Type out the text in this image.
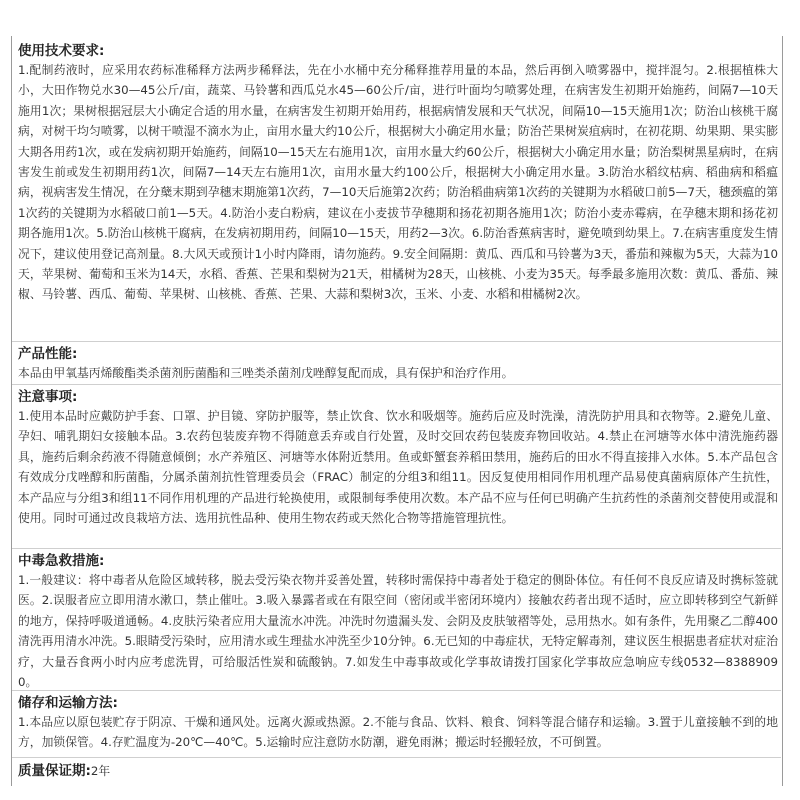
使用技术要求:

1.配制药液时，应采用农药标准稀释方法两步稀释法，先在小水桶中充分稀释推荐用量的本品，然后再倒入喷雾器中，搅拌混匀。2.根据植株大小，大田作物兑水30—45公斤/亩，蔬菜、马铃薯和西瓜兑水45—60公斤/亩，进行叶面均匀喷雾处理，在病害发生初期开始施药，间隔7—10天施用1次；果树根据冠层大小确定合适的用水量，在病害发生初期开始用药，根据病情发展和天气状况，间隔10—15天施用1次；防治山核桃干腐病，对树干均匀喷雾，以树干喷湿不滴水为止，亩用水量大约10公斤，根据树大小确定用水量；防治芒果树炭疽病时，在初花期、幼果期、果实膨大期各用药1次，或在发病初期开始施药，间隔10—15天左右施用1次，亩用水量大约60公斤，根据树大小确定用水量；防治梨树黑星病时，在病害发生前或发生初期用药1次，间隔7—14天左右施用1次，亩用水量大约100公斤，根据树大小确定用水量。3.防治水稻纹枯病、稻曲病和稻瘟病，视病害发生情况，在分蘖末期到孕穗末期施第1次药，7—10天后施第2次药；防治稻曲病第1次药的关键期为水稻破口前5—7天，穗颈瘟的第1次药的关键期为水稻破口前1—5天。4.防治小麦白粉病，建议在小麦拔节孕穗期和扬花初期各施用1次；防治小麦赤霉病，在孕穗末期和扬花初期各施用1次。5.防治山核桃干腐病，在发病初期用药，间隔10—15天，用药2—3次。6.防治香蕉病害时，避免喷到幼果上。7.在病害重度发生情况下，建议使用登记高剂量。8.大风天或预计1小时内降雨，请勿施药。9.安全间隔期：黄瓜、西瓜和马铃薯为3天，番茄和辣椒为5天，大蒜为10天，苹果树、葡萄和玉米为14天，水稻、香蕉、芒果和梨树为21天，柑橘树为28天，山核桃、小麦为35天。每季最多施用次数：黄瓜、番茄、辣椒、马铃薯、西瓜、葡萄、苹果树、山核桃、香蕉、芒果、大蒜和梨树3次，玉米、小麦、水稻和柑橘树2次。

产品性能:

本品由甲氧基丙烯酸酯类杀菌剂肟菌酯和三唑类杀菌剂戊唑醇复配而成，具有保护和治疗作用。

注意事项:

1.使用本品时应戴防护手套、口罩、护目镜、穿防护服等，禁止饮食、饮水和吸烟等。施药后应及时洗澡，清洗防护用具和衣物等。2.避免儿童、孕妇、哺乳期妇女接触本品。3.农药包装废弃物不得随意丢弃或自行处置，及时交回农药包装废弃物回收站。4.禁止在河塘等水体中清洗施药器具，施药后剩余药液不得随意倾倒；水产养殖区、河塘等水体附近禁用。鱼或虾蟹套养稻田禁用，施药后的田水不得直接排入水体。5.本产品包含有效成分戊唑醇和肟菌酯，分属杀菌剂抗性管理委员会（FRAC）制定的分组3和组11。因反复使用相同作用机理产品易使真菌病原体产生抗性，本产品应与分组3和组11不同作用机理的产品进行轮换使用，或限制每季使用次数。本产品不应与任何已明确产生抗药性的杀菌剂交替使用或混和使用。同时可通过改良栽培方法、选用抗性品种、使用生物农药或天然化合物等措施管理抗性。

中毒急救措施:

1.一般建议：将中毒者从危险区域转移，脱去受污染衣物并妥善处置，转移时需保持中毒者处于稳定的侧卧体位。有任何不良反应请及时携标签就医。2.误服者应立即用清水漱口，禁止催吐。3.吸入暴露者或在有限空间（密闭或半密闭环境内）接触农药者出现不适时，应立即转移到空气新鲜的地方，保持呼吸道通畅。4.皮肤污染者应用大量流水冲洗。冲洗时勿遗漏头发、会阴及皮肤皱褶等处，忌用热水。如有条件，先用聚乙二醇400清洗再用清水冲洗。5.眼睛受污染时，应用清水或生理盐水冲洗至少10分钟。6.无已知的中毒症状，无特定解毒剂，建议医生根据患者症状对症治疗，大量吞食两小时内应考虑洗胃，可给服活性炭和硫酸钠。7.如发生中毒事故或化学事故请拨打国家化学事故应急响应专线0532—83889090。

储存和运输方法:

1.本品应以原包装贮存于阴凉、干燥和通风处。远离火源或热源。2.不能与食品、饮料、粮食、饲料等混合储存和运输。3.置于儿童接触不到的地方，加锁保管。4.存贮温度为-20℃—40℃。5.运输时应注意防水防潮，避免雨淋；搬运时轻搬轻放，不可倒置。

质量保证期:2年
